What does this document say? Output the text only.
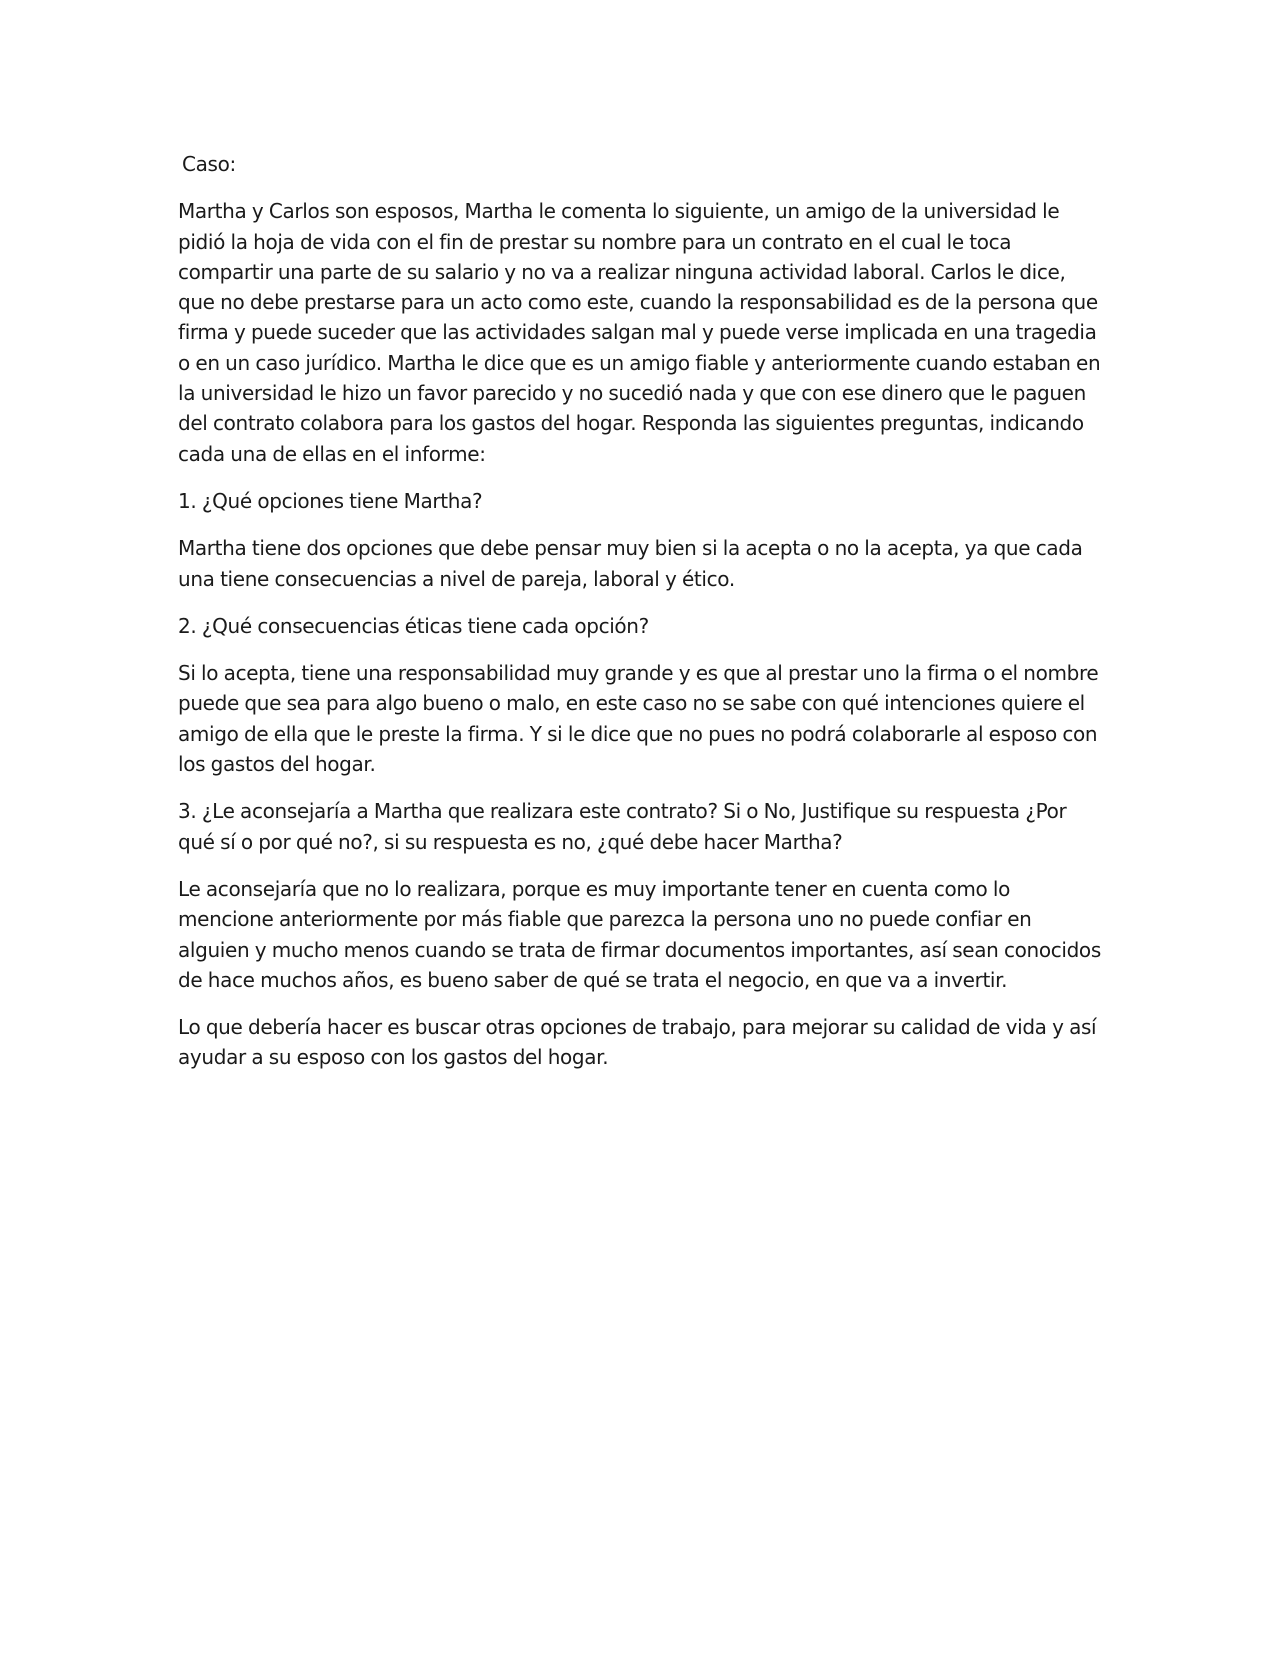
Caso:

Martha y Carlos son esposos, Martha le comenta lo siguiente, un amigo de la universidad le pidió la hoja de vida con el fin de prestar su nombre para un contrato en el cual le toca compartir una parte de su salario y no va a realizar ninguna actividad laboral. Carlos le dice, que no debe prestarse para un acto como este, cuando la responsabilidad es de la persona que firma y puede suceder que las actividades salgan mal y puede verse implicada en una tragedia o en un caso jurídico. Martha le dice que es un amigo fiable y anteriormente cuando estaban en la universidad le hizo un favor parecido y no sucedió nada y que con ese dinero que le paguen del contrato colabora para los gastos del hogar. Responda las siguientes preguntas, indicando cada una de ellas en el informe:

1. ¿Qué opciones tiene Martha?

Martha tiene dos opciones que debe pensar muy bien si la acepta o no la acepta, ya que cada una tiene consecuencias a nivel de pareja, laboral y ético.

2. ¿Qué consecuencias éticas tiene cada opción?

Si lo acepta, tiene una responsabilidad muy grande y es que al prestar uno la firma o el nombre puede que sea para algo bueno o malo, en este caso no se sabe con qué intenciones quiere el amigo de ella que le preste la firma. Y si le dice que no pues no podrá colaborarle al esposo con los gastos del hogar.

3. ¿Le aconsejaría a Martha que realizara este contrato? Si o No, Justifique su respuesta ¿Por qué sí o por qué no?, si su respuesta es no, ¿qué debe hacer Martha?

Le aconsejaría que no lo realizara, porque es muy importante tener en cuenta como lo mencione anteriormente por más fiable que parezca la persona uno no puede confiar en alguien y mucho menos cuando se trata de firmar documentos importantes, así sean conocidos de hace muchos años, es bueno saber de qué se trata el negocio, en que va a invertir.

Lo que debería hacer es buscar otras opciones de trabajo, para mejorar su calidad de vida y así ayudar a su esposo con los gastos del hogar.
